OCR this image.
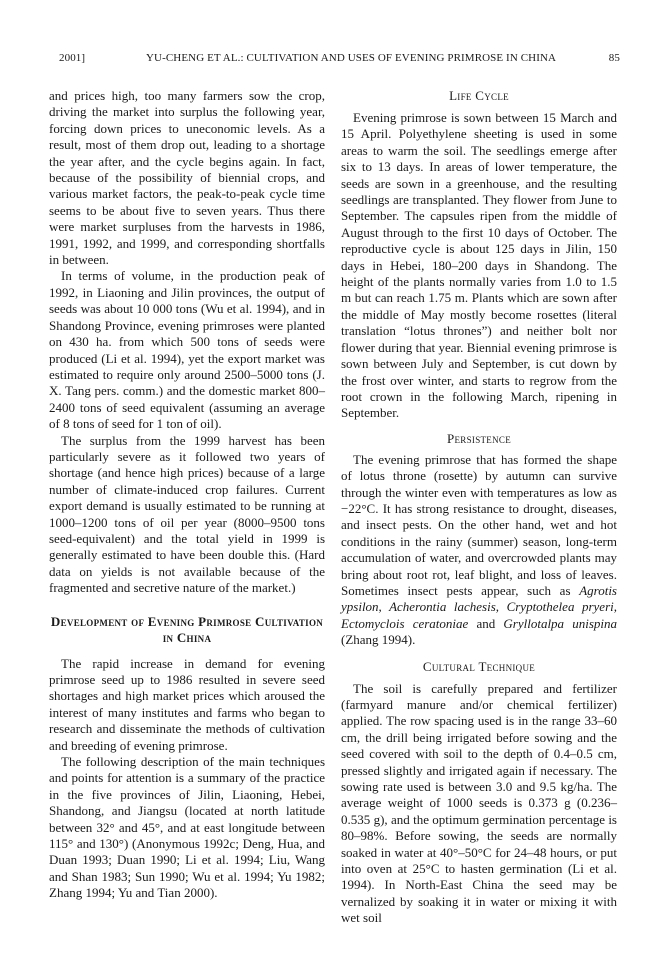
2001]	YU-CHENG ET AL.: CULTIVATION AND USES OF EVENING PRIMROSE IN CHINA	85

and prices high, too many farmers sow the crop, driving the market into surplus the following year, forcing down prices to uneconomic levels. As a result, most of them drop out, leading to a shortage the year after, and the cycle begins again. In fact, because of the possibility of biennial crops, and various market factors, the peak-to-peak cycle time seems to be about five to seven years. Thus there were market surpluses from the harvests in 1986, 1991, 1992, and 1999, and corresponding shortfalls in between.

In terms of volume, in the production peak of 1992, in Liaoning and Jilin provinces, the output of seeds was about 10 000 tons (Wu et al. 1994), and in Shandong Province, evening primroses were planted on 430 ha. from which 500 tons of seeds were produced (Li et al. 1994), yet the export market was estimated to require only around 2500–5000 tons (J. X. Tang pers. comm.) and the domestic market 800–2400 tons of seed equivalent (assuming an average of 8 tons of seed for 1 ton of oil).

The surplus from the 1999 harvest has been particularly severe as it followed two years of shortage (and hence high prices) because of a large number of climate-induced crop failures. Current export demand is usually estimated to be running at 1000–1200 tons of oil per year (8000–9500 tons seed-equivalent) and the total yield in 1999 is generally estimated to have been double this. (Hard data on yields is not available because of the fragmented and secretive nature of the market.)

Development of Evening Primrose Cultivation in China

The rapid increase in demand for evening primrose seed up to 1986 resulted in severe seed shortages and high market prices which aroused the interest of many institutes and farms who began to research and disseminate the methods of cultivation and breeding of evening primrose.

The following description of the main techniques and points for attention is a summary of the practice in the five provinces of Jilin, Liaoning, Hebei, Shandong, and Jiangsu (located at north latitude between 32° and 45°, and at east longitude between 115° and 130°) (Anonymous 1992c; Deng, Hua, and Duan 1993; Duan 1990; Li et al. 1994; Liu, Wang and Shan 1983; Sun 1990; Wu et al. 1994; Yu 1982; Zhang 1994; Yu and Tian 2000).

Life Cycle

Evening primrose is sown between 15 March and 15 April. Polyethylene sheeting is used in some areas to warm the soil. The seedlings emerge after six to 13 days. In areas of lower temperature, the seeds are sown in a greenhouse, and the resulting seedlings are transplanted. They flower from June to September. The capsules ripen from the middle of August through to the first 10 days of October. The reproductive cycle is about 125 days in Jilin, 150 days in Hebei, 180–200 days in Shandong. The height of the plants normally varies from 1.0 to 1.5 m but can reach 1.75 m. Plants which are sown after the middle of May mostly become rosettes (literal translation “lotus thrones”) and neither bolt nor flower during that year. Biennial evening primrose is sown between July and September, is cut down by the frost over winter, and starts to regrow from the root crown in the following March, ripening in September.

Persistence

The evening primrose that has formed the shape of lotus throne (rosette) by autumn can survive through the winter even with temperatures as low as −22°C. It has strong resistance to drought, diseases, and insect pests. On the other hand, wet and hot conditions in the rainy (summer) season, long-term accumulation of water, and overcrowded plants may bring about root rot, leaf blight, and loss of leaves. Sometimes insect pests appear, such as Agrotis ypsilon, Acherontia lachesis, Cryptothelea pryeri, Ectomyclois ceratoniae and Gryllotalpa unispina (Zhang 1994).

Cultural Technique

The soil is carefully prepared and fertilizer (farmyard manure and/or chemical fertilizer) applied. The row spacing used is in the range 33–60 cm, the drill being irrigated before sowing and the seed covered with soil to the depth of 0.4–0.5 cm, pressed slightly and irrigated again if necessary. The sowing rate used is between 3.0 and 9.5 kg/ha. The average weight of 1000 seeds is 0.373 g (0.236–0.535 g), and the optimum germination percentage is 80–98%. Before sowing, the seeds are normally soaked in water at 40°–50°C for 24–48 hours, or put into oven at 25°C to hasten germination (Li et al. 1994). In North-East China the seed may be vernalized by soaking it in water or mixing it with wet soil
